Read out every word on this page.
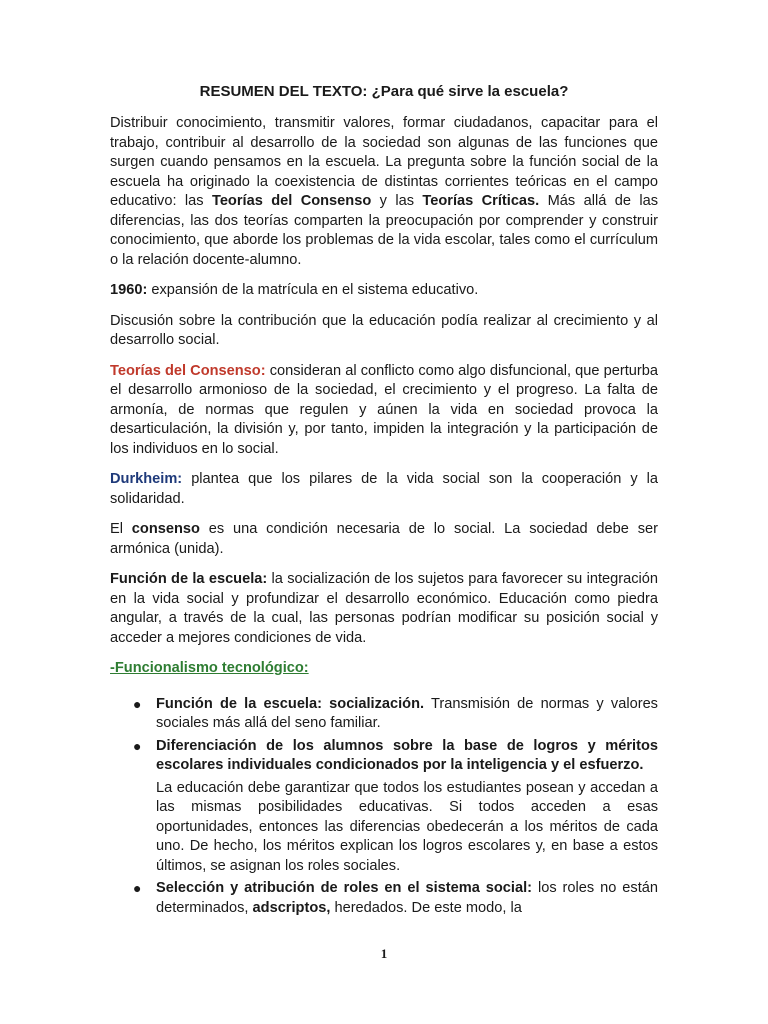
RESUMEN DEL TEXTO: ¿Para qué sirve la escuela?

Distribuir conocimiento, transmitir valores, formar ciudadanos, capacitar para el trabajo, contribuir al desarrollo de la sociedad son algunas de las funciones que surgen cuando pensamos en la escuela. La pregunta sobre la función social de la escuela ha originado la coexistencia de distintas corrientes teóricas en el campo educativo: las Teorías del Consenso y las Teorías Críticas. Más allá de las diferencias, las dos teorías comparten la preocupación por comprender y construir conocimiento, que aborde los problemas de la vida escolar, tales como el currículum o la relación docente-alumno.

1960: expansión de la matrícula en el sistema educativo.

Discusión sobre la contribución que la educación podía realizar al crecimiento y al desarrollo social.

Teorías del Consenso: consideran al conflicto como algo disfuncional, que perturba el desarrollo armonioso de la sociedad, el crecimiento y el progreso. La falta de armonía, de normas que regulen y aúnen la vida en sociedad provoca la desarticulación, la división y, por tanto, impiden la integración y la participación de los individuos en lo social.

Durkheim: plantea que los pilares de la vida social son la cooperación y la solidaridad.

El consenso es una condición necesaria de lo social. La sociedad debe ser armónica (unida).

Función de la escuela: la socialización de los sujetos para favorecer su integración en la vida social y profundizar el desarrollo económico. Educación como piedra angular, a través de la cual, las personas podrían modificar su posición social y acceder a mejores condiciones de vida.

-Funcionalismo tecnológico:
● Función de la escuela: socialización. Transmisión de normas y valores sociales más allá del seno familiar.
● Diferenciación de los alumnos sobre la base de logros y méritos escolares individuales condicionados por la inteligencia y el esfuerzo.
La educación debe garantizar que todos los estudiantes posean y accedan a las mismas posibilidades educativas. Si todos acceden a esas oportunidades, entonces las diferencias obedecerán a los méritos de cada uno. De hecho, los méritos explican los logros escolares y, en base a estos últimos, se asignan los roles sociales.
● Selección y atribución de roles en el sistema social: los roles no están determinados, adscriptos, heredados. De este modo, la
1
